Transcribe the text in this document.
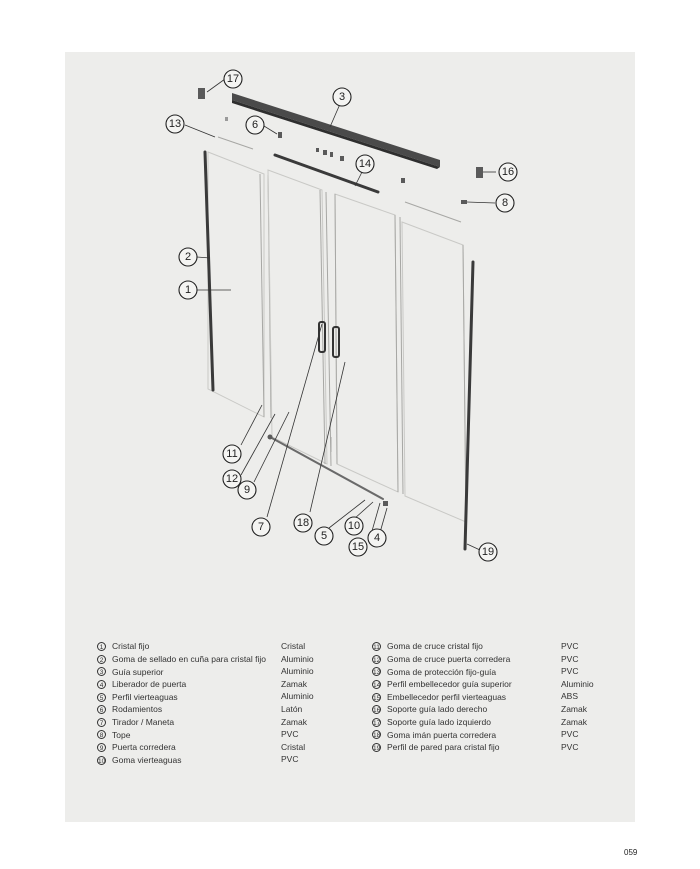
17
3
13	6
14
16
8
2
1
11
12
9
7	18
5
10
15
4
19
1 Cristal fijo	Cristal
2 Goma de sellado en cuña para cristal fijo Aluminio
3 Guía superior	Aluminio
4 Liberador de puerta	Zamak
5 Perfil vierteaguas	Aluminio
6 Rodamientos	Latón
7 Tirador / Maneta	Zamak
8 Tope	PVC
9 Puerta corredera	Cristal
10 Goma vierteaguas	PVC
11 Goma de cruce cristal fijo	PVC
12 Goma de cruce puerta corredera	PVC
13 Goma de protección fijo-guía	PVC
14 Perfil embellecedor guía superior	Aluminio
15 Embellecedor perfil vierteaguas	ABS
16 Soporte guía lado derecho	Zamak
17 Soporte guía lado izquierdo	Zamak
18 Goma imán puerta corredera	PVC
19 Perfil de pared para cristal fijo	PVC
059
